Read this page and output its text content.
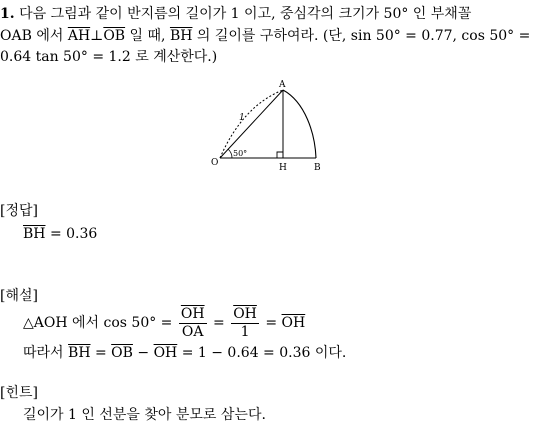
1. 다음 그림과 같이 반지름의 길이가 1 이고, 중심각의 크기가 50° 인 부채꼴
OAB 에서 $\overline{AH}\perp\overline{OB}$ 일 때, $\overline{BH}$ 의 길이를 구하여라. (단, sin 50° = 0.77, cos 50° =
0.64 tan 50° = 1.2 로 계산한다.)
A
O	H	B
1
50°
[정답]
$\overline{BH} = 0.36$
[해설]
△AOH 에서 $\cos 50^\circ = \frac{\overline{OH}}{OA} = \frac{\overline{OH}}{1} = \overline{OH}$
따라서 $\overline{BH} = \overline{OB} - \overline{OH} = 1 - 0.64 = 0.36$ 이다.
[힌트]
길이가 1 인 선분을 찾아 분모로 삼는다.
